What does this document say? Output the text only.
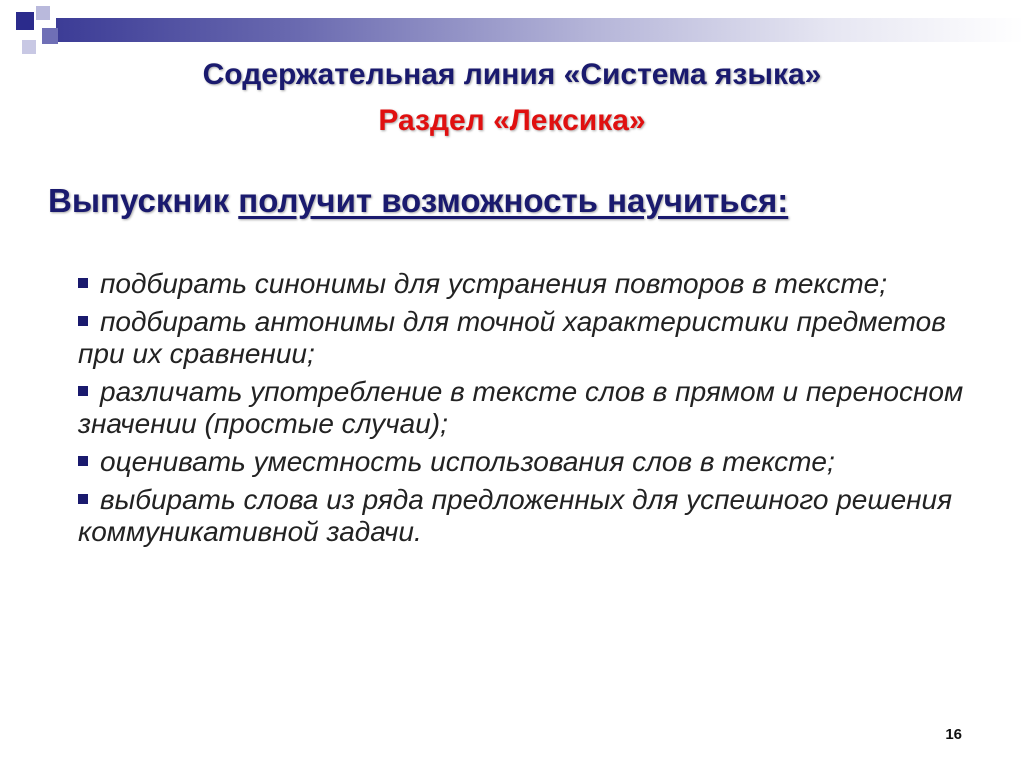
Содержательная линия «Система языка»
Раздел «Лексика»
Выпускник получит возможность научиться:
подбирать синонимы для устранения повторов в тексте;
подбирать антонимы для точной характеристики предметов при их сравнении;
различать употребление в тексте слов в прямом и переносном значении (простые случаи);
оценивать уместность использования слов в тексте;
выбирать слова из ряда предложенных для успешного решения коммуникативной задачи.
16
